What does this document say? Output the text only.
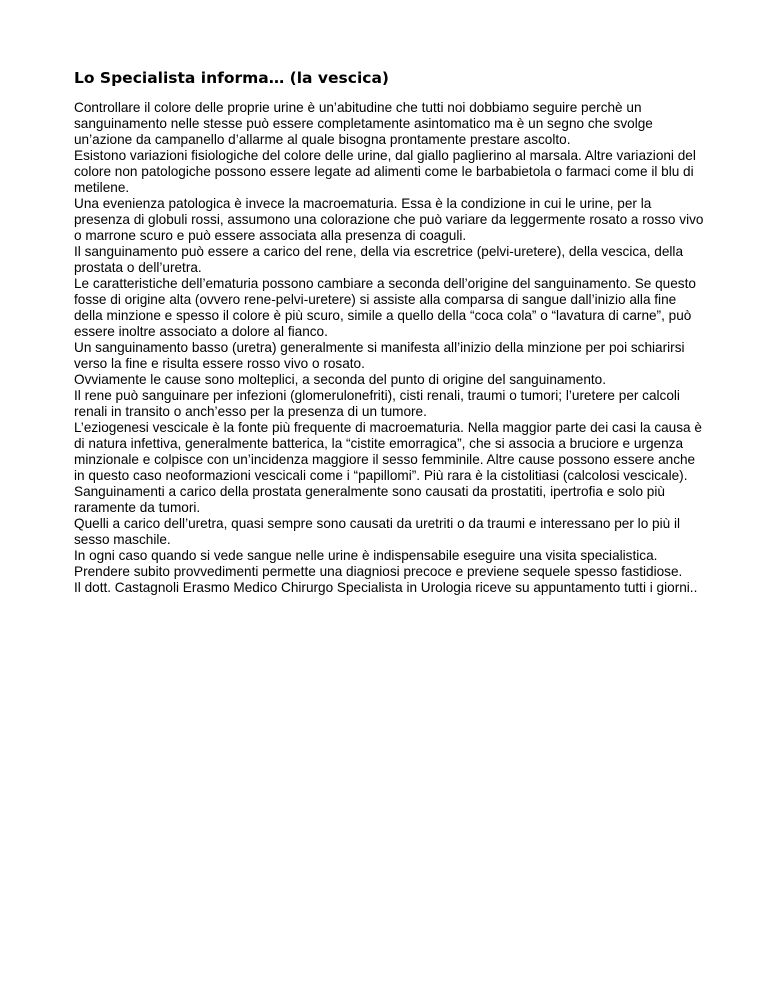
Lo Specialista informa… (la vescica)

Controllare il colore delle proprie urine è un’abitudine che tutti noi dobbiamo seguire perchè un sanguinamento nelle stesse può essere completamente asintomatico ma è un segno che svolge un’azione da campanello d’allarme al quale bisogna prontamente prestare ascolto.

Esistono variazioni fisiologiche del colore delle urine, dal giallo paglierino al marsala. Altre variazioni del colore non patologiche possono essere legate ad alimenti come le barbabietola o farmaci come il blu di metilene.

Una evenienza patologica è invece la macroematuria. Essa è la condizione in cui le urine, per la presenza di globuli rossi, assumono una colorazione che può variare da leggermente rosato a rosso vivo o marrone scuro e può essere associata alla presenza di coaguli.

Il sanguinamento può essere a carico del rene, della via escretrice (pelvi-uretere), della vescica, della prostata o dell’uretra.

Le caratteristiche dell’ematuria possono cambiare a seconda dell’origine del sanguinamento. Se questo fosse di origine alta (ovvero rene-pelvi-uretere) si assiste alla comparsa di sangue dall’inizio alla fine della minzione e spesso il colore è più scuro, simile a quello della “coca cola” o “lavatura di carne”, può essere inoltre associato a dolore al fianco.

Un sanguinamento basso (uretra) generalmente si manifesta all’inizio della minzione per poi schiarirsi verso la fine e risulta essere rosso vivo o rosato.

Ovviamente le cause sono molteplici, a seconda del punto di origine del sanguinamento.

Il rene può sanguinare per infezioni (glomerulonefriti), cisti renali, traumi o tumori; l’uretere per calcoli renali in transito o anch’esso per la presenza di un tumore.

L’eziogenesi vescicale è la fonte più frequente di macroematuria. Nella maggior parte dei casi la causa è di natura infettiva, generalmente batterica, la “cistite emorragica”, che si associa a bruciore e urgenza minzionale e colpisce con un’incidenza maggiore il sesso femminile. Altre cause possono essere anche in questo caso neoformazioni vescicali come i “papillomi”. Più rara è la cistolitiasi (calcolosi vescicale).

Sanguinamenti a carico della prostata generalmente sono causati da prostatiti, ipertrofia e solo più raramente da tumori.

Quelli a carico dell’uretra, quasi sempre sono causati da uretriti o da traumi e interessano per lo più il sesso maschile.

In ogni caso quando si vede sangue nelle urine è indispensabile eseguire una visita specialistica. Prendere subito provvedimenti permette una diagniosi precoce e previene sequele spesso fastidiose.

Il dott. Castagnoli Erasmo Medico Chirurgo Specialista in Urologia riceve su appuntamento tutti i giorni..
